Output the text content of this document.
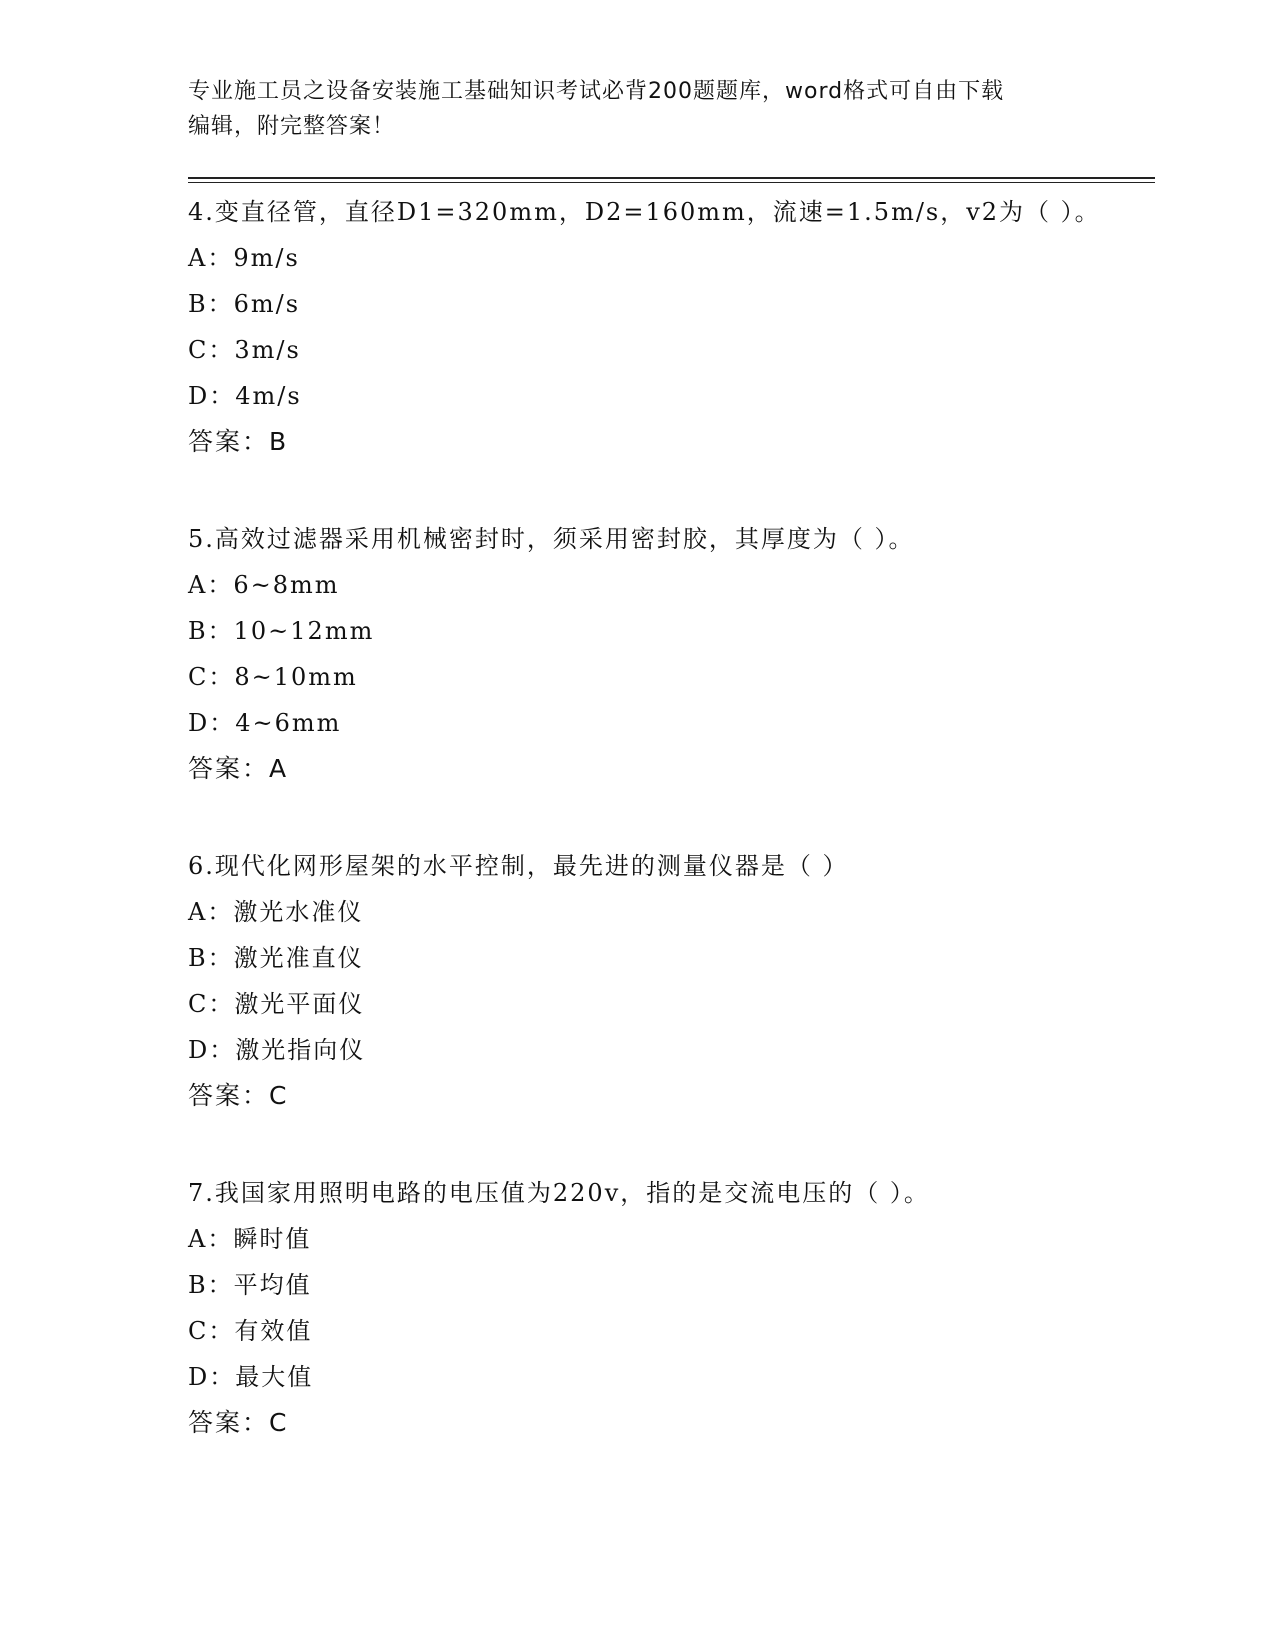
专业施工员之设备安装施工基础知识考试必背200题题库，word格式可自由下载
编辑，附完整答案！
4.变直径管，直径D1=320mm，D2=160mm，流速=1.5m/s，v2为（ ）。
A：9m/s
B：6m/s
C：3m/s
D：4m/s
答案：B
5.高效过滤器采用机械密封时，须采用密封胶，其厚度为（ ）。
A：6~8mm
B：10~12mm
C：8~10mm
D：4~6mm
答案：A
6.现代化网形屋架的水平控制，最先进的测量仪器是（ ）
A：激光水准仪
B：激光准直仪
C：激光平面仪
D：激光指向仪
答案：C
7.我国家用照明电路的电压值为220v，指的是交流电压的（ ）。
A：瞬时值
B：平均值
C：有效值
D：最大值
答案：C
